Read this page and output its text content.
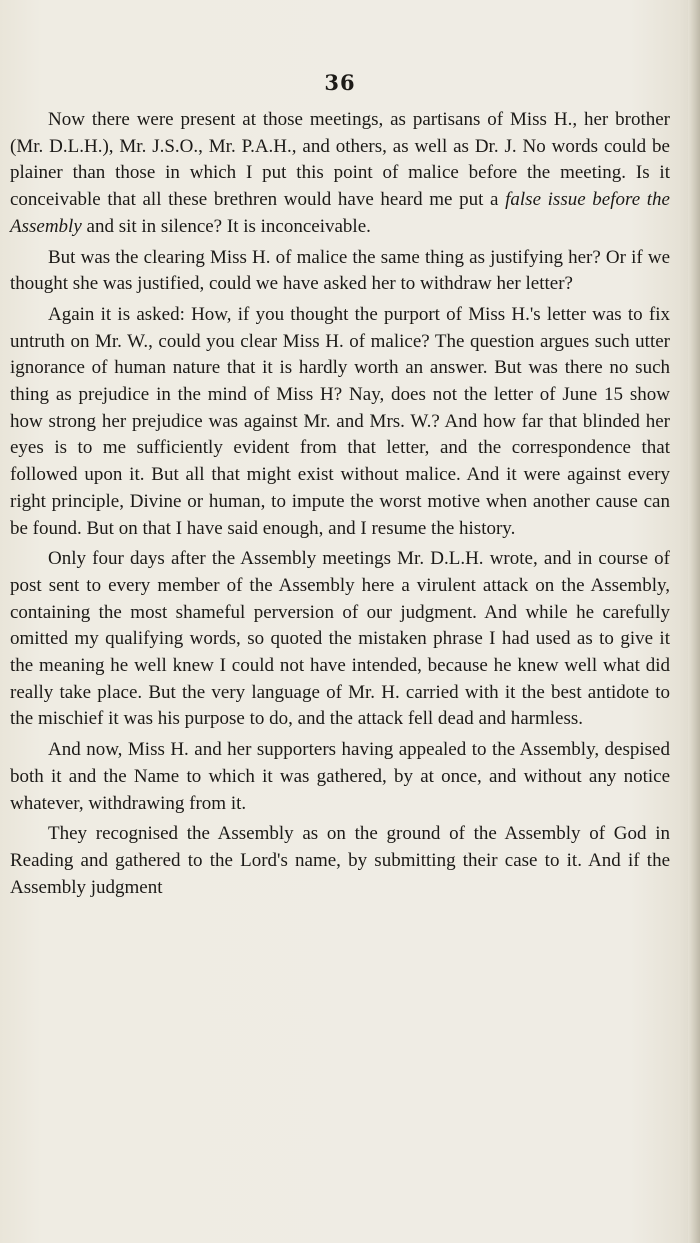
36

Now there were present at those meetings, as partisans of Miss H., her brother (Mr. D.L.H.), Mr. J.S.O., Mr. P.A.H., and others, as well as Dr. J. No words could be plainer than those in which I put this point of malice before the meeting. Is it conceivable that all these brethren would have heard me put a false issue before the Assembly and sit in silence? It is inconceivable.

But was the clearing Miss H. of malice the same thing as justifying her? Or if we thought she was justified, could we have asked her to withdraw her letter?

Again it is asked: How, if you thought the purport of Miss H.'s letter was to fix untruth on Mr. W., could you clear Miss H. of malice? The question argues such utter ignorance of human nature that it is hardly worth an answer. But was there no such thing as prejudice in the mind of Miss H? Nay, does not the letter of June 15 show how strong her prejudice was against Mr. and Mrs. W.? And how far that blinded her eyes is to me sufficiently evident from that letter, and the correspondence that followed upon it. But all that might exist without malice. And it were against every right principle, Divine or human, to impute the worst motive when another cause can be found. But on that I have said enough, and I resume the history.

Only four days after the Assembly meetings Mr. D.L.H. wrote, and in course of post sent to every member of the Assembly here a virulent attack on the Assembly, containing the most shameful perversion of our judgment. And while he carefully omitted my qualifying words, so quoted the mistaken phrase I had used as to give it the meaning he well knew I could not have intended, because he knew well what did really take place. But the very language of Mr. H. carried with it the best antidote to the mischief it was his purpose to do, and the attack fell dead and harmless.

And now, Miss H. and her supporters having appealed to the Assembly, despised both it and the Name to which it was gathered, by at once, and without any notice whatever, withdrawing from it.

They recognised the Assembly as on the ground of the Assembly of God in Reading and gathered to the Lord's name, by submitting their case to it. And if the Assembly judgment
